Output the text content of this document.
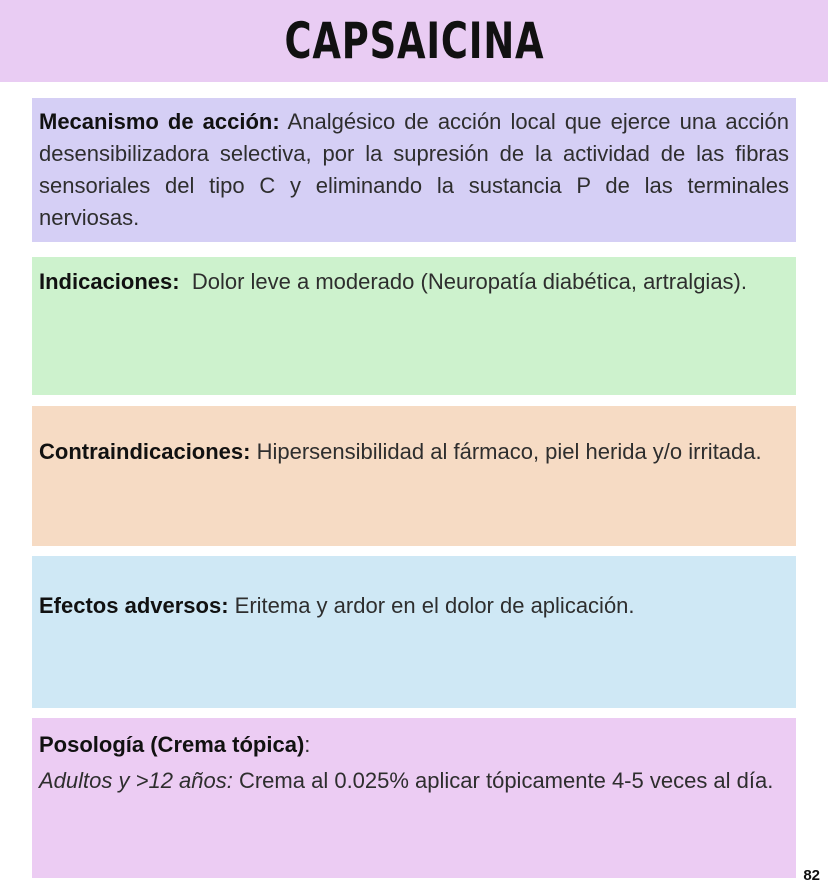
CAPSAICINA
Mecanismo de acción: Analgésico de acción local que ejerce una acción desensibilizadora selectiva, por la supresión de la actividad de las fibras sensoriales del tipo C y eliminando la sustancia P de las terminales nerviosas.
Indicaciones:  Dolor leve a moderado (Neuropatía diabética, artralgias).
Contraindicaciones: Hipersensibilidad al fármaco, piel herida y/o irritada.
Efectos adversos: Eritema y ardor en el dolor de aplicación.
Posología (Crema tópica):
Adultos y >12 años: Crema al 0.025% aplicar tópicamente 4-5 veces al día.
82
